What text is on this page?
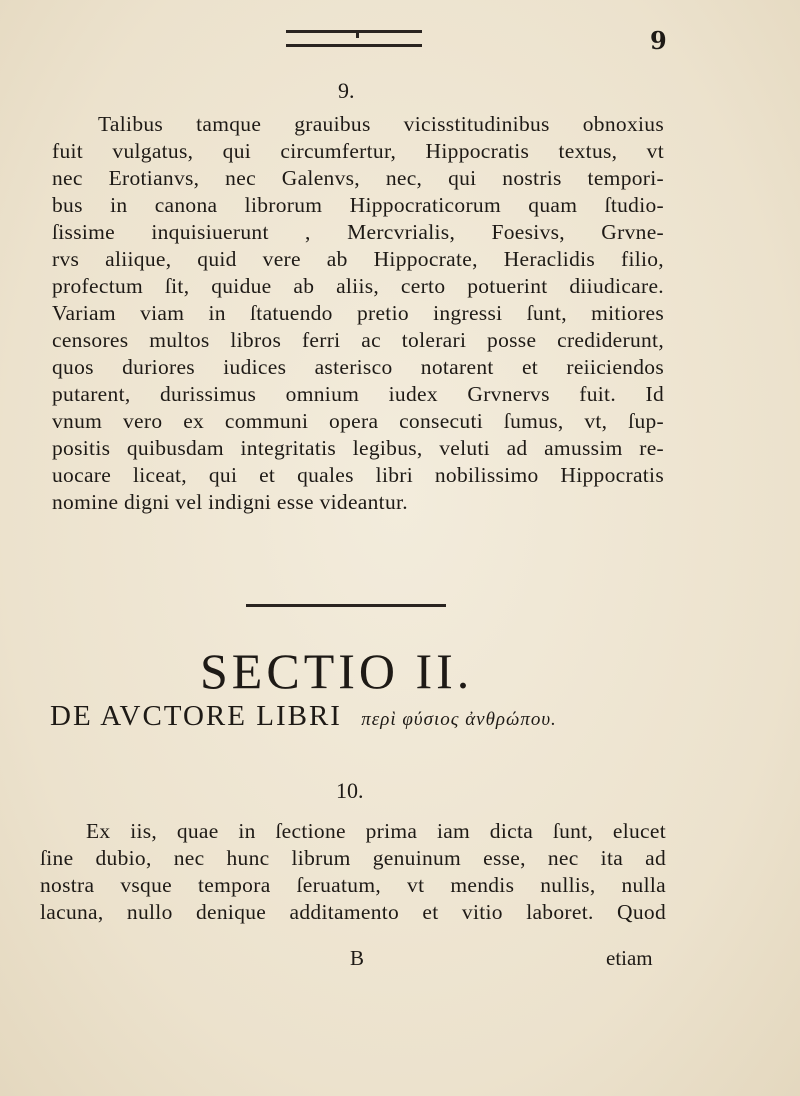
9
9.
Talibus tamque grauibus vicisstitudinibus obnoxius
fuit vulgatus, qui circumfertur, Hippocratis textus, vt
nec Erotianvs, nec Galenvs, nec, qui nostris tempori-
bus in canona librorum Hippocraticorum quam ſtudio-
ſissime inquisiuerunt , Mercvrialis, Foesivs, Grvne-
rvs aliique, quid vere ab Hippocrate, Heraclidis filio,
profectum ſit, quidue ab aliis, certo potuerint diiudicare.
Variam viam in ſtatuendo pretio ingressi ſunt, mitiores
censores multos libros ferri ac tolerari posse crediderunt,
quos duriores iudices asterisco notarent et reiiciendos
putarent, durissimus omnium iudex Grvnervs fuit. Id
vnum vero ex communi opera consecuti ſumus, vt, ſup-
positis quibusdam integritatis legibus, veluti ad amussim re-
uocare liceat, qui et quales libri nobilissimo Hippocratis
nomine digni vel indigni esse videantur.
SECTIO II.
DE AVCTORE LIBRI περὶ φύσιος ἀνθρώπου.
10.
Ex iis, quae in ſectione prima iam dicta ſunt, elucet
ſine dubio, nec hunc librum genuinum esse, nec ita ad
nostra vsque tempora ſeruatum, vt mendis nullis, nulla
lacuna, nullo denique additamento et vitio laboret. Quod
B	etiam
